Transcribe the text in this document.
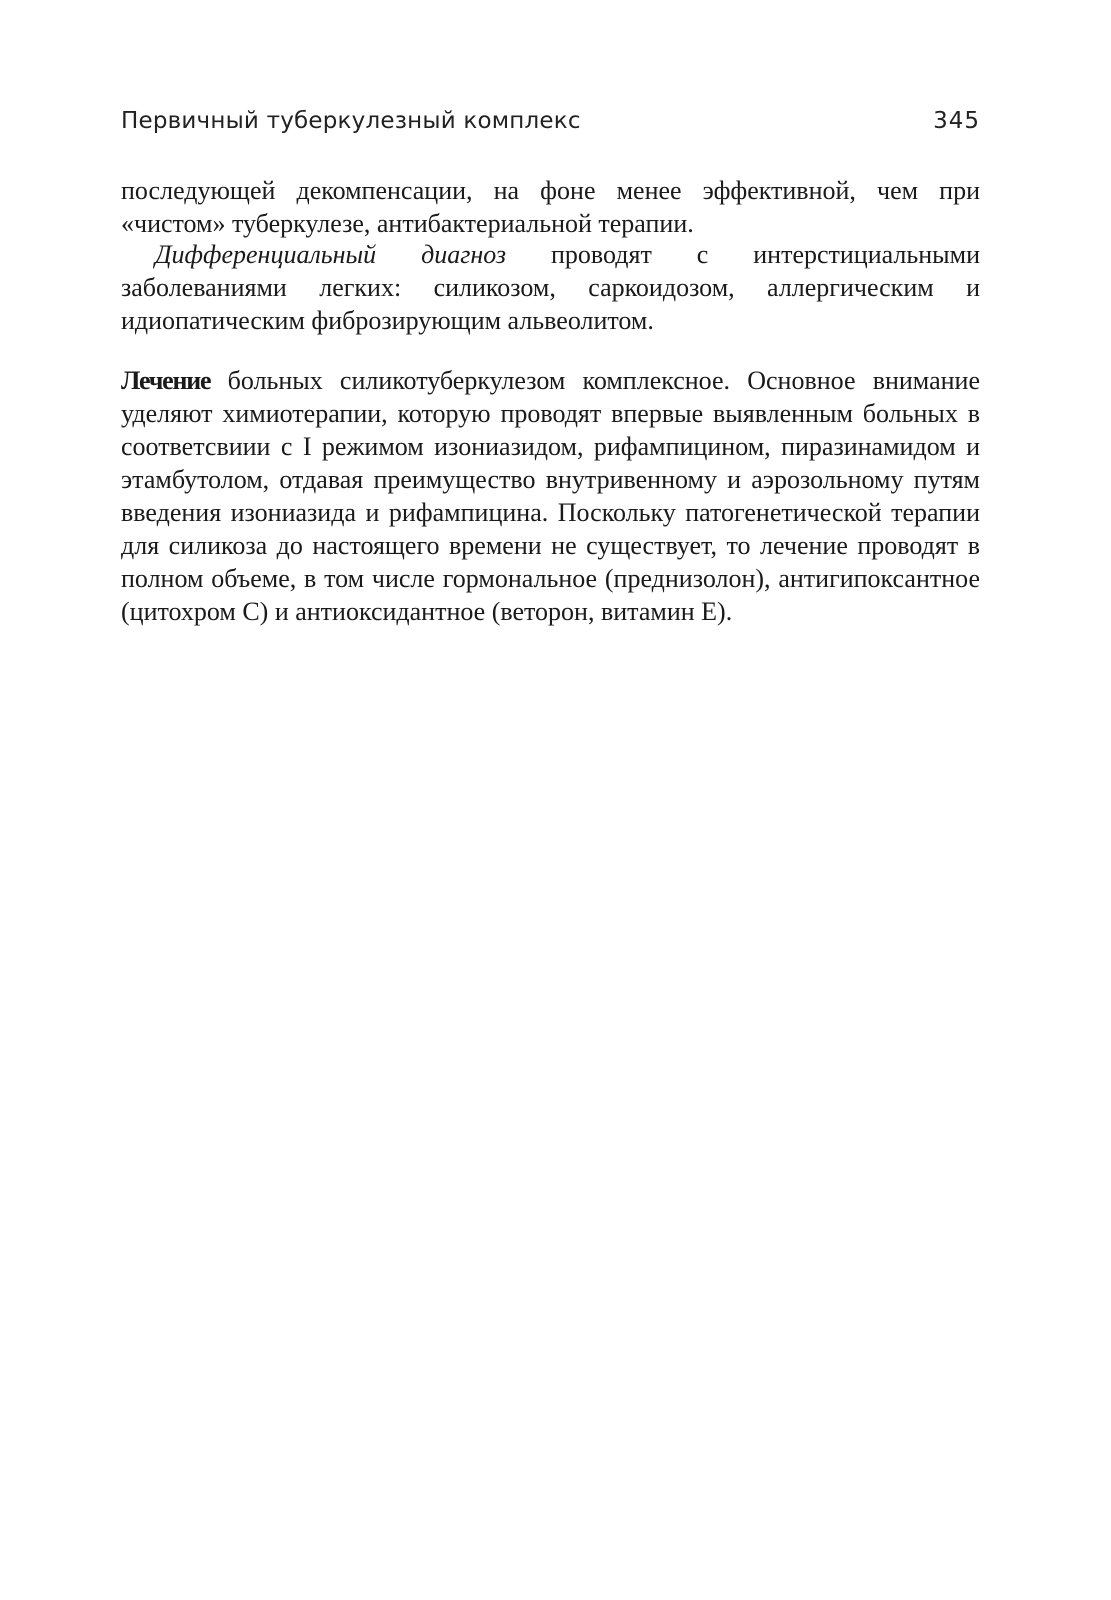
Первичный туберкулезный комплекс	345

последующей декомпенсации, на фоне менее эффективной, чем при «чистом» туберкулезе, антибактериальной терапии.

Дифференциальный диагноз проводят с интерстициальными заболеваниями легких: силикозом, саркоидозом, аллергическим и идиопатическим фиброзирующим альвеолитом.

Лечение больных силикотуберкулезом комплексное. Основное внимание уделяют химиотерапии, которую проводят впервые выявленным больных в соответсвиии с I режимом изониазидом, рифампицином, пиразинамидом и этамбутолом, отдавая преимущество внутривенному и аэрозольному путям введения изониазида и рифампицина. Поскольку патогенетической терапии для силикоза до настоящего времени не существует, то лечение проводят в полном объеме, в том числе гормональное (преднизолон), антигипоксантное (цитохром С) и антиоксидантное (веторон, витамин Е).
